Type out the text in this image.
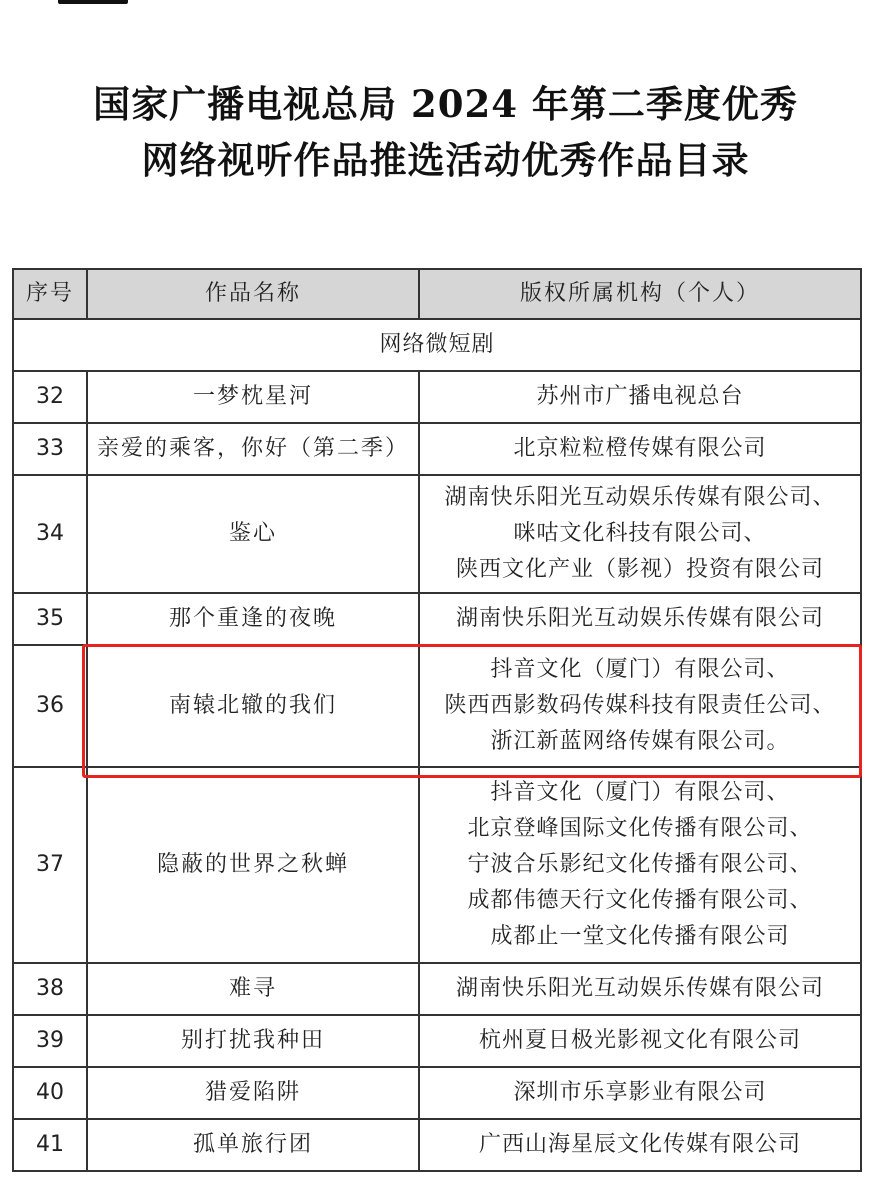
国家广播电视总局 2024 年第二季度优秀
网络视听作品推选活动优秀作品目录
序号	作品名称	版权所属机构（个人）
网络微短剧		
32	一梦枕星河	苏州市广播电视总台

33	亲爱的乘客，你好（第二季）	北京粒粒橙传媒有限公司

34	鉴心	湖南快乐阳光互动娱乐传媒有限公司、
咪咕文化科技有限公司、
陕西文化产业（影视）投资有限公司

35	那个重逢的夜晚	湖南快乐阳光互动娱乐传媒有限公司

36	南辕北辙的我们	抖音文化（厦门）有限公司、
陕西西影数码传媒科技有限责任公司、
浙江新蓝网络传媒有限公司。

37	隐蔽的世界之秋蝉	抖音文化（厦门）有限公司、
北京登峰国际文化传播有限公司、
宁波合乐影纪文化传播有限公司、
成都伟德天行文化传播有限公司、
成都止一堂文化传播有限公司

38	难寻	湖南快乐阳光互动娱乐传媒有限公司

39	别打扰我种田	杭州夏日极光影视文化有限公司

40	猎爱陷阱	深圳市乐享影业有限公司

41	孤单旅行团	广西山海星辰文化传媒有限公司
